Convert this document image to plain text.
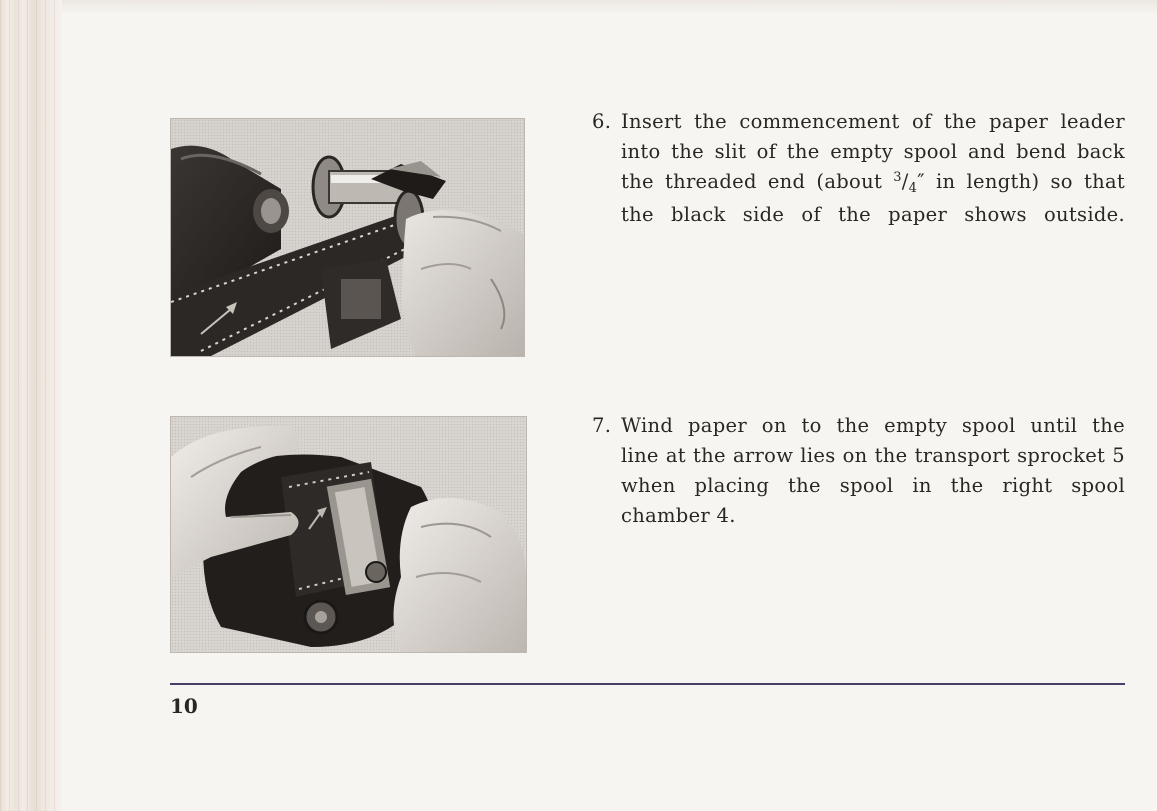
6. Insert the commencement of the paper leader
into the slit of the empty spool and bend back
the threaded end (about $^3/_4''$ in length) so that
the black side of the paper shows outside.
7. Wind paper on to the empty spool until the
line at the arrow lies on the transport sprocket 5
when placing the spool in the right spool
chamber 4.
10
